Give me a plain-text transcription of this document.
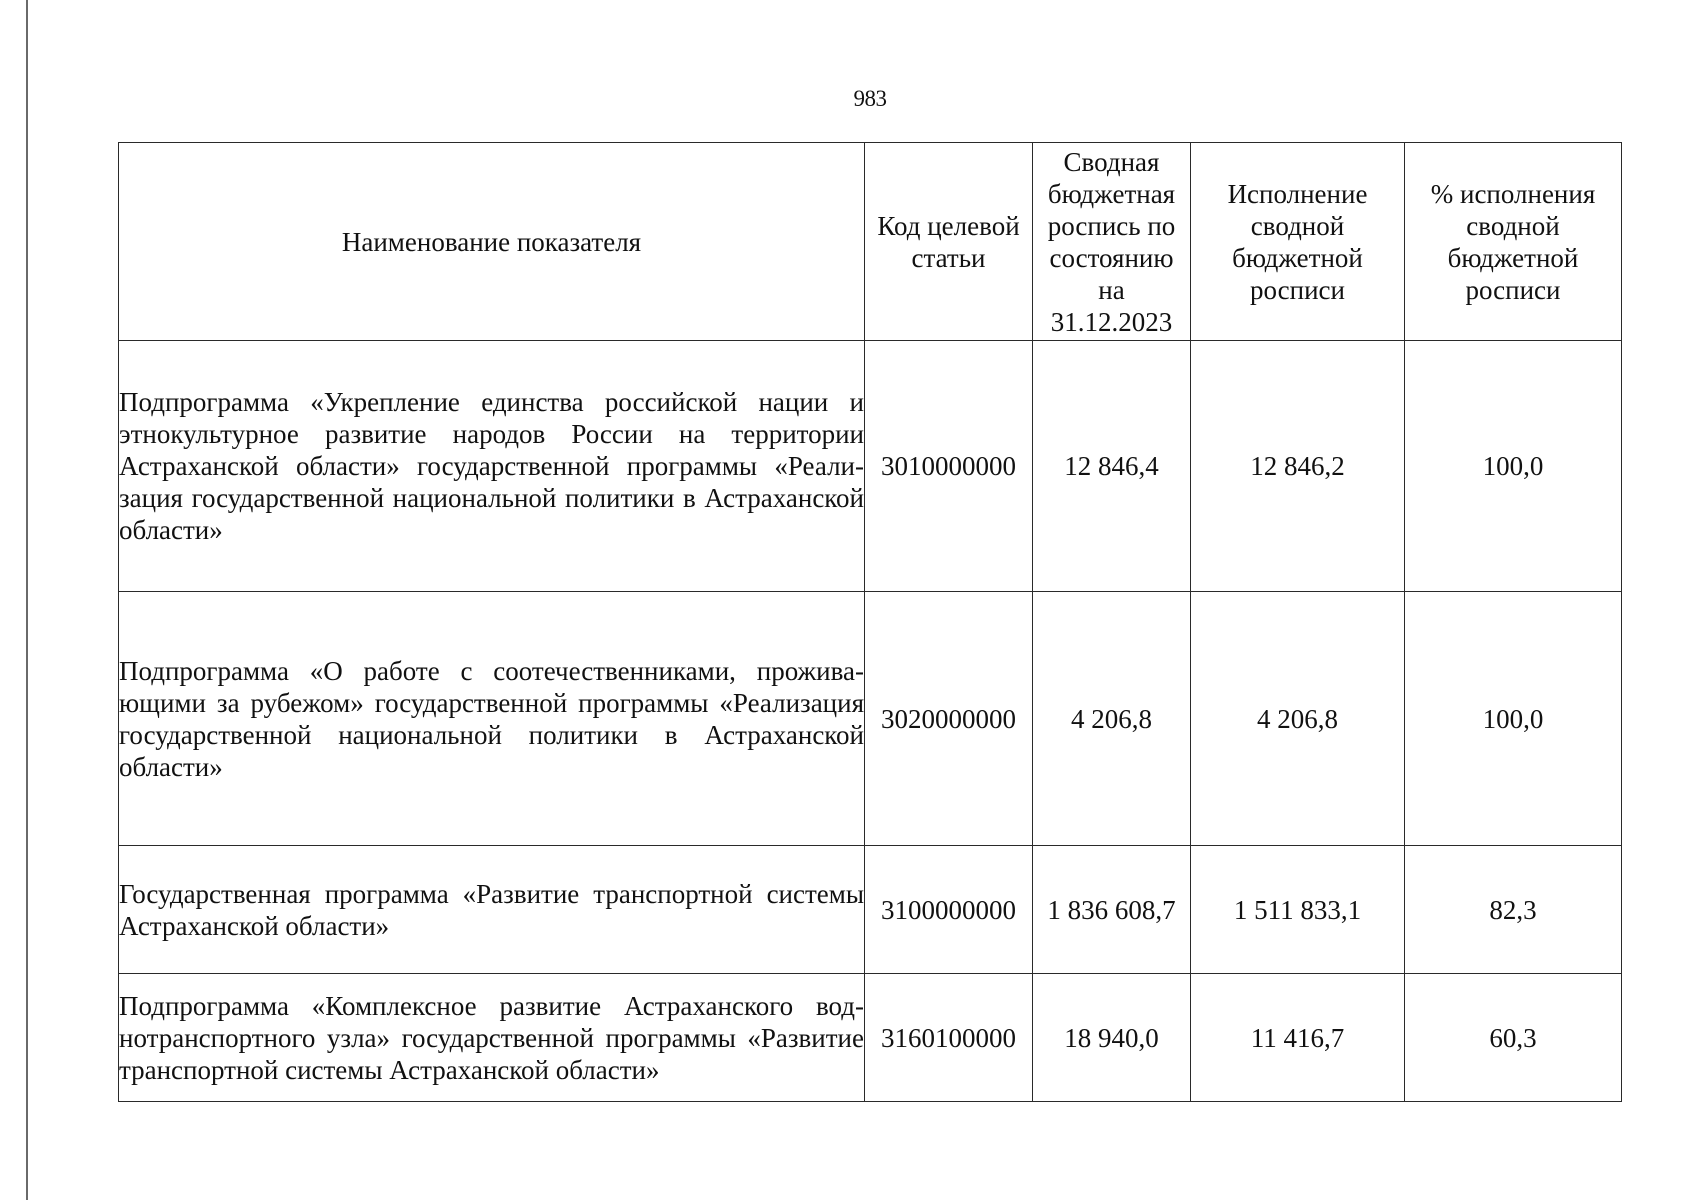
983
Наименование показателя	Код целевой статьи	Сводная бюджетная роспись по состоянию на 31.12.2023	Исполнение сводной бюджетной росписи	% исполнения сводной бюджетной росписи
Подпрограмма «Укрепление единства российской нации и этнокультурное развитие народов России на территории Астраханской области» государственной программы «Реализация государственной национальной политики в Астраханской области»	3010000000	12 846,4	12 846,2	100,0
Подпрограмма «О работе с соотечественниками, проживающими за рубежом» государственной программы «Реализация государственной национальной политики в Астраханской области»	3020000000	4 206,8	4 206,8	100,0
Государственная программа «Развитие транспортной системы Астраханской области»	3100000000	1 836 608,7	1 511 833,1	82,3
Подпрограмма «Комплексное развитие Астраханского воднотранспортного узла» государственной программы «Развитие транспортной системы Астраханской области»	3160100000	18 940,0	11 416,7	60,3
